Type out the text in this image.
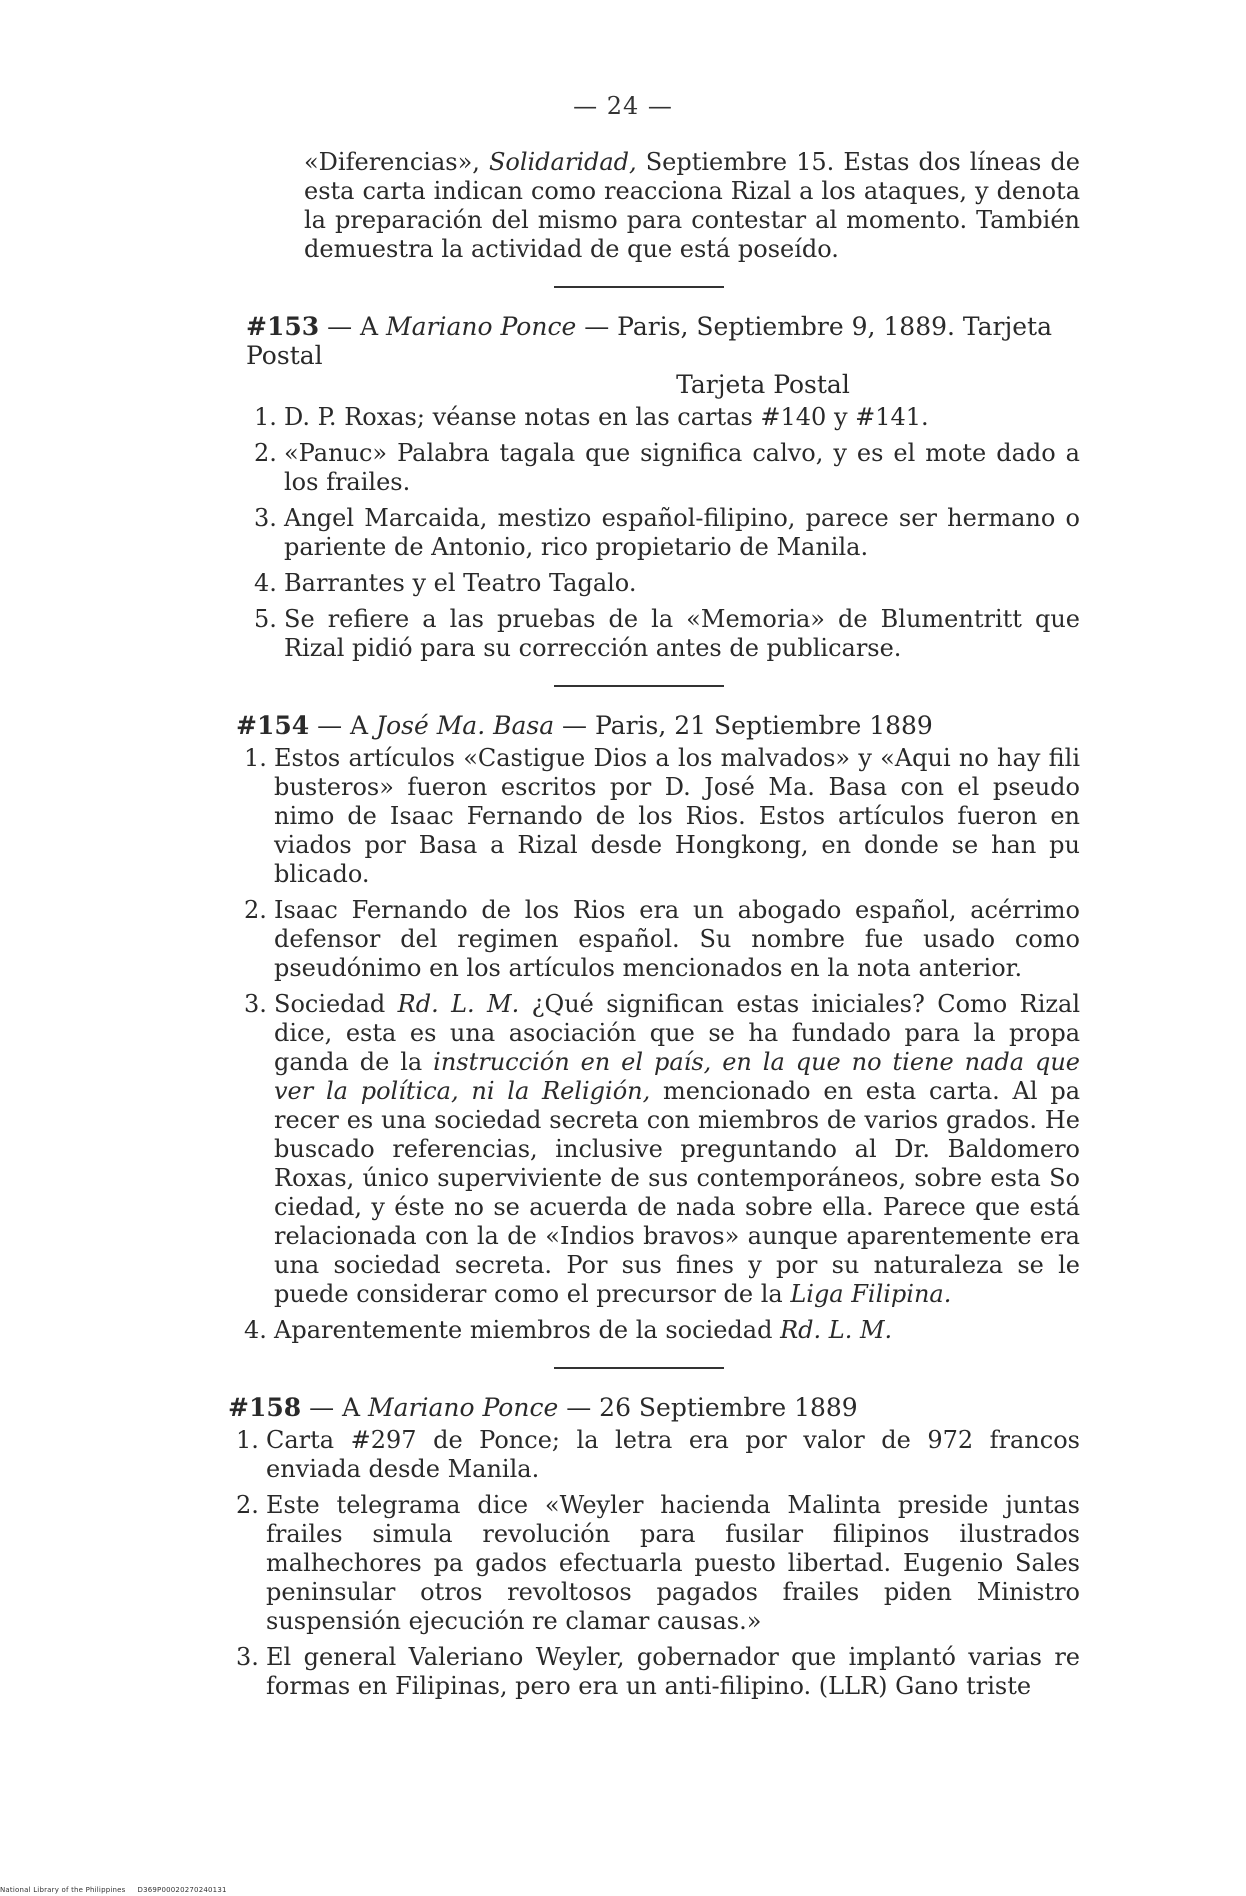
— 24 —

«Diferencias», Solidaridad, Septiembre 15. Estas dos líneas de esta carta indican como reacciona Rizal a los ataques, y denota la preparación del mismo para contestar al momento. También demuestra la actividad de que está poseído.

#153 — A Mariano Ponce — Paris, Septiembre 9, 1889. Tarjeta Postal
Tarjeta Postal
1. D. P. Roxas; véanse notas en las cartas #140 y #141.
2. «Panuc» Palabra tagala que significa calvo, y es el mote dado a los frailes.
3. Angel Marcaida, mestizo español-filipino, parece ser hermano o pariente de Antonio, rico propietario de Manila.
4. Barrantes y el Teatro Tagalo.
5. Se refiere a las pruebas de la «Memoria» de Blumentritt que Rizal pidió para su corrección antes de publicarse.
#154 — A José Ma. Basa — Paris, 21 Septiembre 1889
1. Estos artículos «Castigue Dios a los malvados» y «Aqui no hay fili busteros» fueron escritos por D. José Ma. Basa con el pseudo nimo de Isaac Fernando de los Rios. Estos artículos fueron en viados por Basa a Rizal desde Hongkong, en donde se han pu blicado.
2. Isaac Fernando de los Rios era un abogado español, acérrimo defensor del regimen español. Su nombre fue usado como pseudónimo en los artículos mencionados en la nota anterior.
3. Sociedad Rd. L. M. ¿Qué significan estas iniciales? Como Rizal dice, esta es una asociación que se ha fundado para la propa ganda de la instrucción en el país, en la que no tiene nada que ver la política, ni la Religión, mencionado en esta carta. Al pa recer es una sociedad secreta con miembros de varios grados. He buscado referencias, inclusive preguntando al Dr. Baldomero Roxas, único superviviente de sus contemporáneos, sobre esta So ciedad, y éste no se acuerda de nada sobre ella. Parece que está relacionada con la de «Indios bravos» aunque aparentemente era una sociedad secreta. Por sus fines y por su naturaleza se le puede considerar como el precursor de la Liga Filipina.
4. Aparentemente miembros de la sociedad Rd. L. M.
#158 — A Mariano Ponce — 26 Septiembre 1889
1. Carta #297 de Ponce; la letra era por valor de 972 francos enviada desde Manila.
2. Este telegrama dice «Weyler hacienda Malinta preside juntas frailes simula revolución para fusilar filipinos ilustrados malhechores pa gados efectuarla puesto libertad. Eugenio Sales peninsular otros revoltosos pagados frailes piden Ministro suspensión ejecución re clamar causas.»
3. El general Valeriano Weyler, gobernador que implantó varias re formas en Filipinas, pero era un anti-filipino. (LLR) Gano triste
National Library of the Philippines D369P00020270240131
